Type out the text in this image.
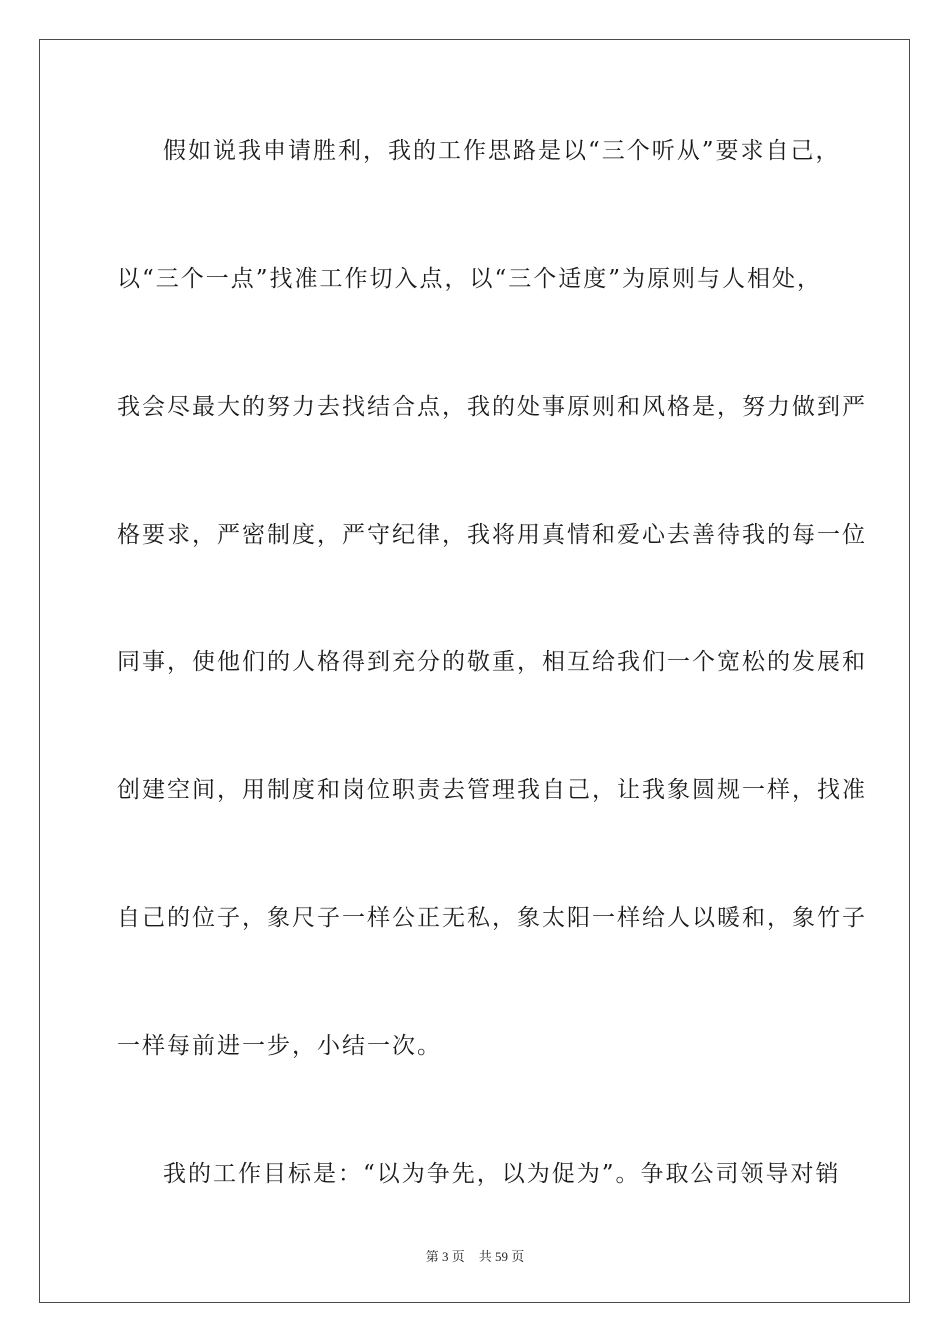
假如说我申请胜利，我的工作思路是以“三个听从”要求自己，
以“三个一点”找准工作切入点，以“三个适度”为原则与人相处，
我会尽最大的努力去找结合点，我的处事原则和风格是，努力做到严
格要求，严密制度，严守纪律，我将用真情和爱心去善待我的每一位
同事，使他们的人格得到充分的敬重，相互给我们一个宽松的发展和
创建空间，用制度和岗位职责去管理我自己，让我象圆规一样，找准
自己的位子，象尺子一样公正无私，象太阳一样给人以暖和，象竹子
一样每前进一步，小结一次。
我的工作目标是：“以为争先，以为促为”。争取公司领导对销
第 3 页 共 59 页
